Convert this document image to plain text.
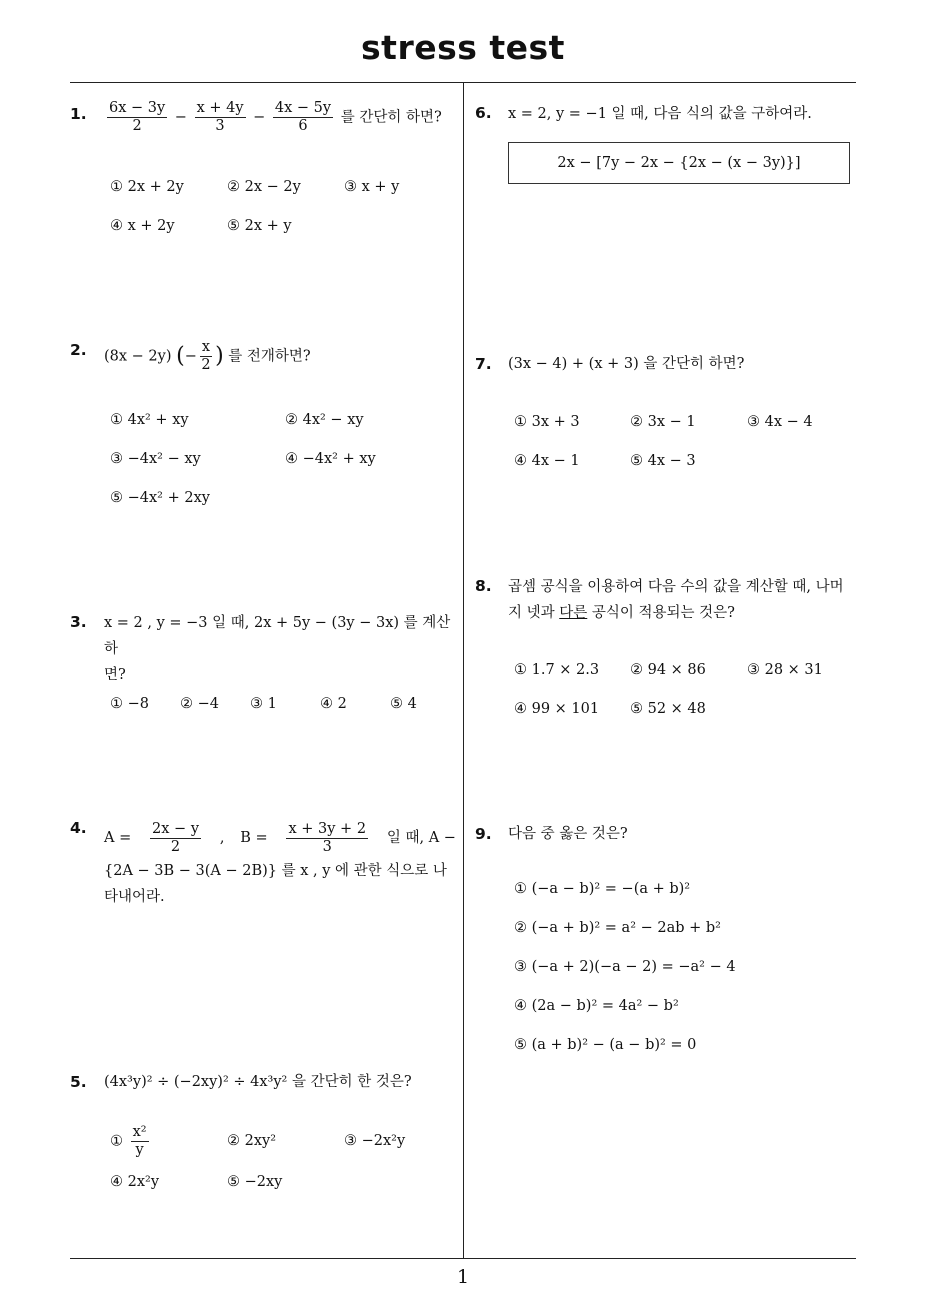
stress test
1
1. $\frac{6x - 3y}{2} - \frac{x + 4y}{3} - \frac{4x - 5y}{6}$ 를 간단히 하면?
① 2x + 2y	② 2x − 2y	③ x + y
④ x + 2y	⑤ 2x + y
2. (8x − 2y) (− $\frac{x}{2}$ ) 를 전개하면?
① 4x² + xy	② 4x² − xy
③ −4x² − xy	④ −4x² + xy
⑤ −4x² + 2xy
3. x = 2 , y = −3 일 때, 2x + 5y − (3y − 3x) 를 계산하
면?
① −8 ② −4 ③ 1	④ 2	⑤ 4
4.
$A = \frac{2x - y}{2}$ , $B = \frac{x + 3y + 2}{3}$ 일 때, A −
{2A − 3B − 3(A − 2B)} 를 x , y 에 관한 식으로 나
타내어라.
5. (4x³y)² ÷ (−2xy)² ÷ 4x³y² 을 간단히 한 것은?
① $\frac{\text{x²}}{y}$	② 2xy²	③ −2x²y
④ 2x²y	⑤ −2xy
6. x = 2, y = −1 일 때, 다음 식의 값을 구하여라.
2x − [7y − 2x − {2x − (x − 3y)}]
7. (3x − 4) + (x + 3) 을 간단히 하면?
① 3x + 3	② 3x − 1	③ 4x − 4
④ 4x − 1	⑤ 4x − 3
8. 곱셈 공식을 이용하여 다음 수의 값을 계산할 때, 나머
지 넷과 다른 공식이 적용되는 것은?
① 1.7 × 2.3 ② 94 × 86	③ 28 × 31
④ 99 × 101 ⑤ 52 × 48
9. 다음 중 옳은 것은?
① (−a − b)² = −(a + b)²
② (−a + b)² = a² − 2ab + b²
③ (−a + 2)(−a − 2) = −a² − 4
④ (2a − b)² = 4a² − b²
⑤ (a + b)² − (a − b)² = 0
